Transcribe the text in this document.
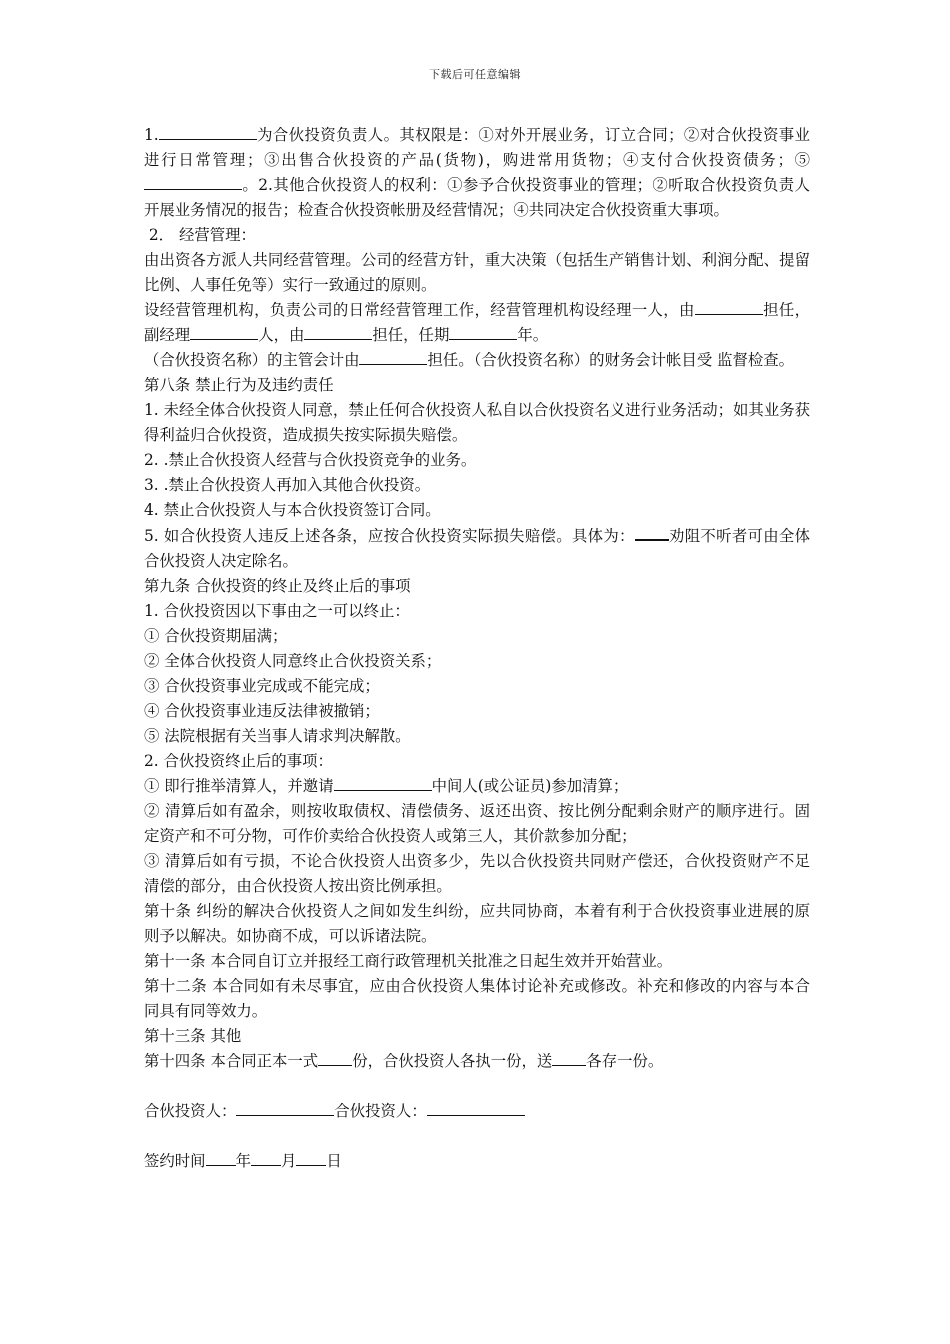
下载后可任意编辑

1.	为合伙投资负责人。其权限是：①对外开展业务，订立合同；②对合伙投资事业进行日常管理；③出售合伙投资的产品(货物)，购进常用货物；④支付合伙投资债务；⑤。2.其他合伙投资人的权利：①参予合伙投资事业的管理；②听取合伙投资负责人开展业务情况的报告；检查合伙投资帐册及经营情况；④共同决定合伙投资重大事项。

2． 经营管理：

由出资各方派人共同经营管理。公司的经营方针，重大决策（包括生产销售计划、利润分配、提留比例、人事任免等）实行一致通过的原则。

设经营管理机构，负责公司的日常经营管理工作，经营管理机构设经理一人，由	担任，副经理	人，由	担任，任期	年。

（合伙投资名称）的主管会计由	担任。（合伙投资名称）的财务会计帐目受 监督检查。

第八条 禁止行为及违约责任

1. 未经全体合伙投资人同意，禁止任何合伙投资人私自以合伙投资名义进行业务活动；如其业务获得利益归合伙投资，造成损失按实际损失赔偿。

2. .禁止合伙投资人经营与合伙投资竞争的业务。

3. .禁止合伙投资人再加入其他合伙投资。

4. 禁止合伙投资人与本合伙投资签订合同。

5. 如合伙投资人违反上述各条，应按合伙投资实际损失赔偿。具体为： 劝阻不听者可由全体合伙投资人决定除名。

第九条 合伙投资的终止及终止后的事项

1. 合伙投资因以下事由之一可以终止：

① 合伙投资期届满；

② 全体合伙投资人同意终止合伙投资关系；

③ 合伙投资事业完成或不能完成；

④ 合伙投资事业违反法律被撤销；

⑤ 法院根据有关当事人请求判决解散。

2. 合伙投资终止后的事项：

① 即行推举清算人，并邀请	中间人(或公证员)参加清算；

② 清算后如有盈余，则按收取债权、清偿债务、返还出资、按比例分配剩余财产的顺序进行。固定资产和不可分物，可作价卖给合伙投资人或第三人，其价款参加分配；

③ 清算后如有亏损，不论合伙投资人出资多少，先以合伙投资共同财产偿还，合伙投资财产不足清偿的部分，由合伙投资人按出资比例承担。

第十条 纠纷的解决合伙投资人之间如发生纠纷，应共同协商，本着有利于合伙投资事业进展的原则予以解决。如协商不成，可以诉诸法院。

第十一条 本合同自订立并报经工商行政管理机关批准之日起生效并开始营业。

第十二条 本合同如有未尽事宜，应由合伙投资人集体讨论补充或修改。补充和修改的内容与本合同具有同等效力。

第十三条 其他

第十四条 本合同正本一式 份，合伙投资人各执一份，送 各存一份。

合伙投资人：	合伙投资人：

签约时间 年 月 日
